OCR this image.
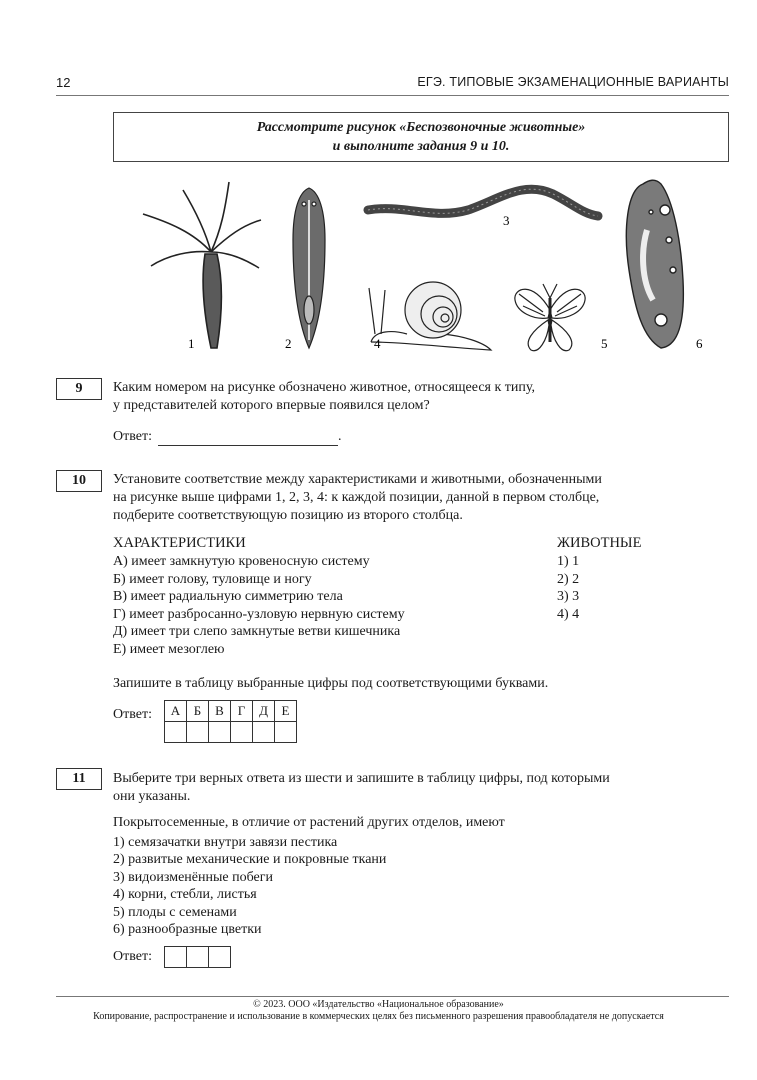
12	ЕГЭ. ТИПОВЫЕ ЭКЗАМЕНАЦИОННЫЕ ВАРИАНТЫ
Рассмотрите рисунок «Беспозвоночные животные»
и выполните задания 9 и 10.
1	2
3
4	5	6
9	Каким номером на рисунке обозначено животное, относящееся к типу,
у представителей которого впервые появился целом?
Ответ:	.
10	Установите соответствие между характеристиками и животными, обозначенными
на рисунке выше цифрами 1, 2, 3, 4: к каждой позиции, данной в первом столбце,
подберите соответствующую позицию из второго столбца.
ХАРАКТЕРИСТИКИ	ЖИВОТНЫЕ
А) имеет замкнутую кровеносную систему
Б) имеет голову, туловище и ногу
В) имеет радиальную симметрию тела
Г) имеет разбросанно-узловую нервную систему
Д) имеет три слепо замкнутые ветви кишечника
Е) имеет мезоглею
1) 1
2) 2
3) 3
4) 4
Запишите в таблицу выбранные цифры под соответствующими буквами.
Ответ: А	Б	В	Г	Д	Е

11	Выберите три верных ответа из шести и запишите в таблицу цифры, под которыми
они указаны.
Покрытосеменные, в отличие от растений других отделов, имеют
1) семязачатки внутри завязи пестика
2) развитые механические и покровные ткани
3) видоизменённые побеги
4) корни, стебли, листья
5) плоды с семенами
6) разнообразные цветки
Ответ:

© 2023. ООО «Издательство «Национальное образование»
Копирование, распространение и использование в коммерческих целях без письменного разрешения правообладателя не допускается
